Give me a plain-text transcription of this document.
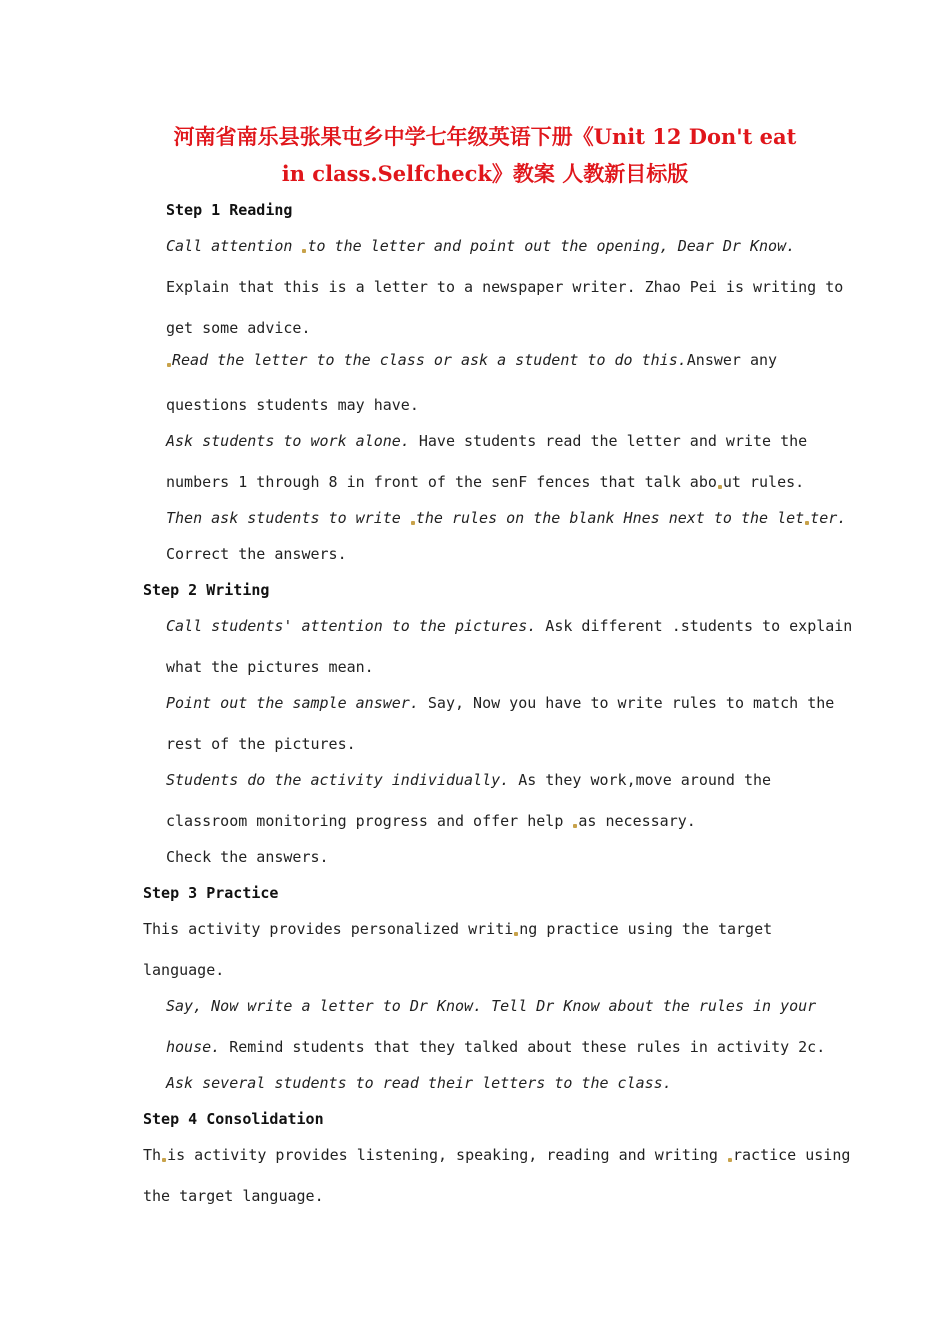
河南省南乐县张果屯乡中学七年级英语下册《Unit 12 Don't eat
in class.Selfcheck》教案 人教新目标版

Step 1 Reading

Call attention to the letter and point out the opening, Dear Dr Know.

Explain that this is a letter to a newspaper writer. Zhao Pei is writing to

get some advice.

Read the letter to the class or ask a student to do this.Answer any

questions students may have.

Ask students to work alone. Have students read the letter and write the

numbers 1 through 8 in front of the senF fences that talk abo ut rules.

Then ask students to write the rules on the blank Hnes next to the let ter.

Correct the answers.

Step 2 Writing

Call students' attention to the pictures. Ask different .students to explain

what the pictures mean.

Point out the sample answer. Say, Now you have to write rules to match the

rest of the pictures.

Students do the activity individually. As they work,move around the

classroom monitoring progress and offer help as necessary.

Check the answers.

Step 3 Practice

This activity provides personalized writi ng practice using the target

language.

Say, Now write a letter to Dr Know. Tell Dr Know about the rules in your

house. Remind students that they talked about these rules in activity 2c.

Ask several students to read their letters to the class.

Step 4 Consolidation

Th is activity provides listening, speaking, reading and writing ractice using

the target language.
